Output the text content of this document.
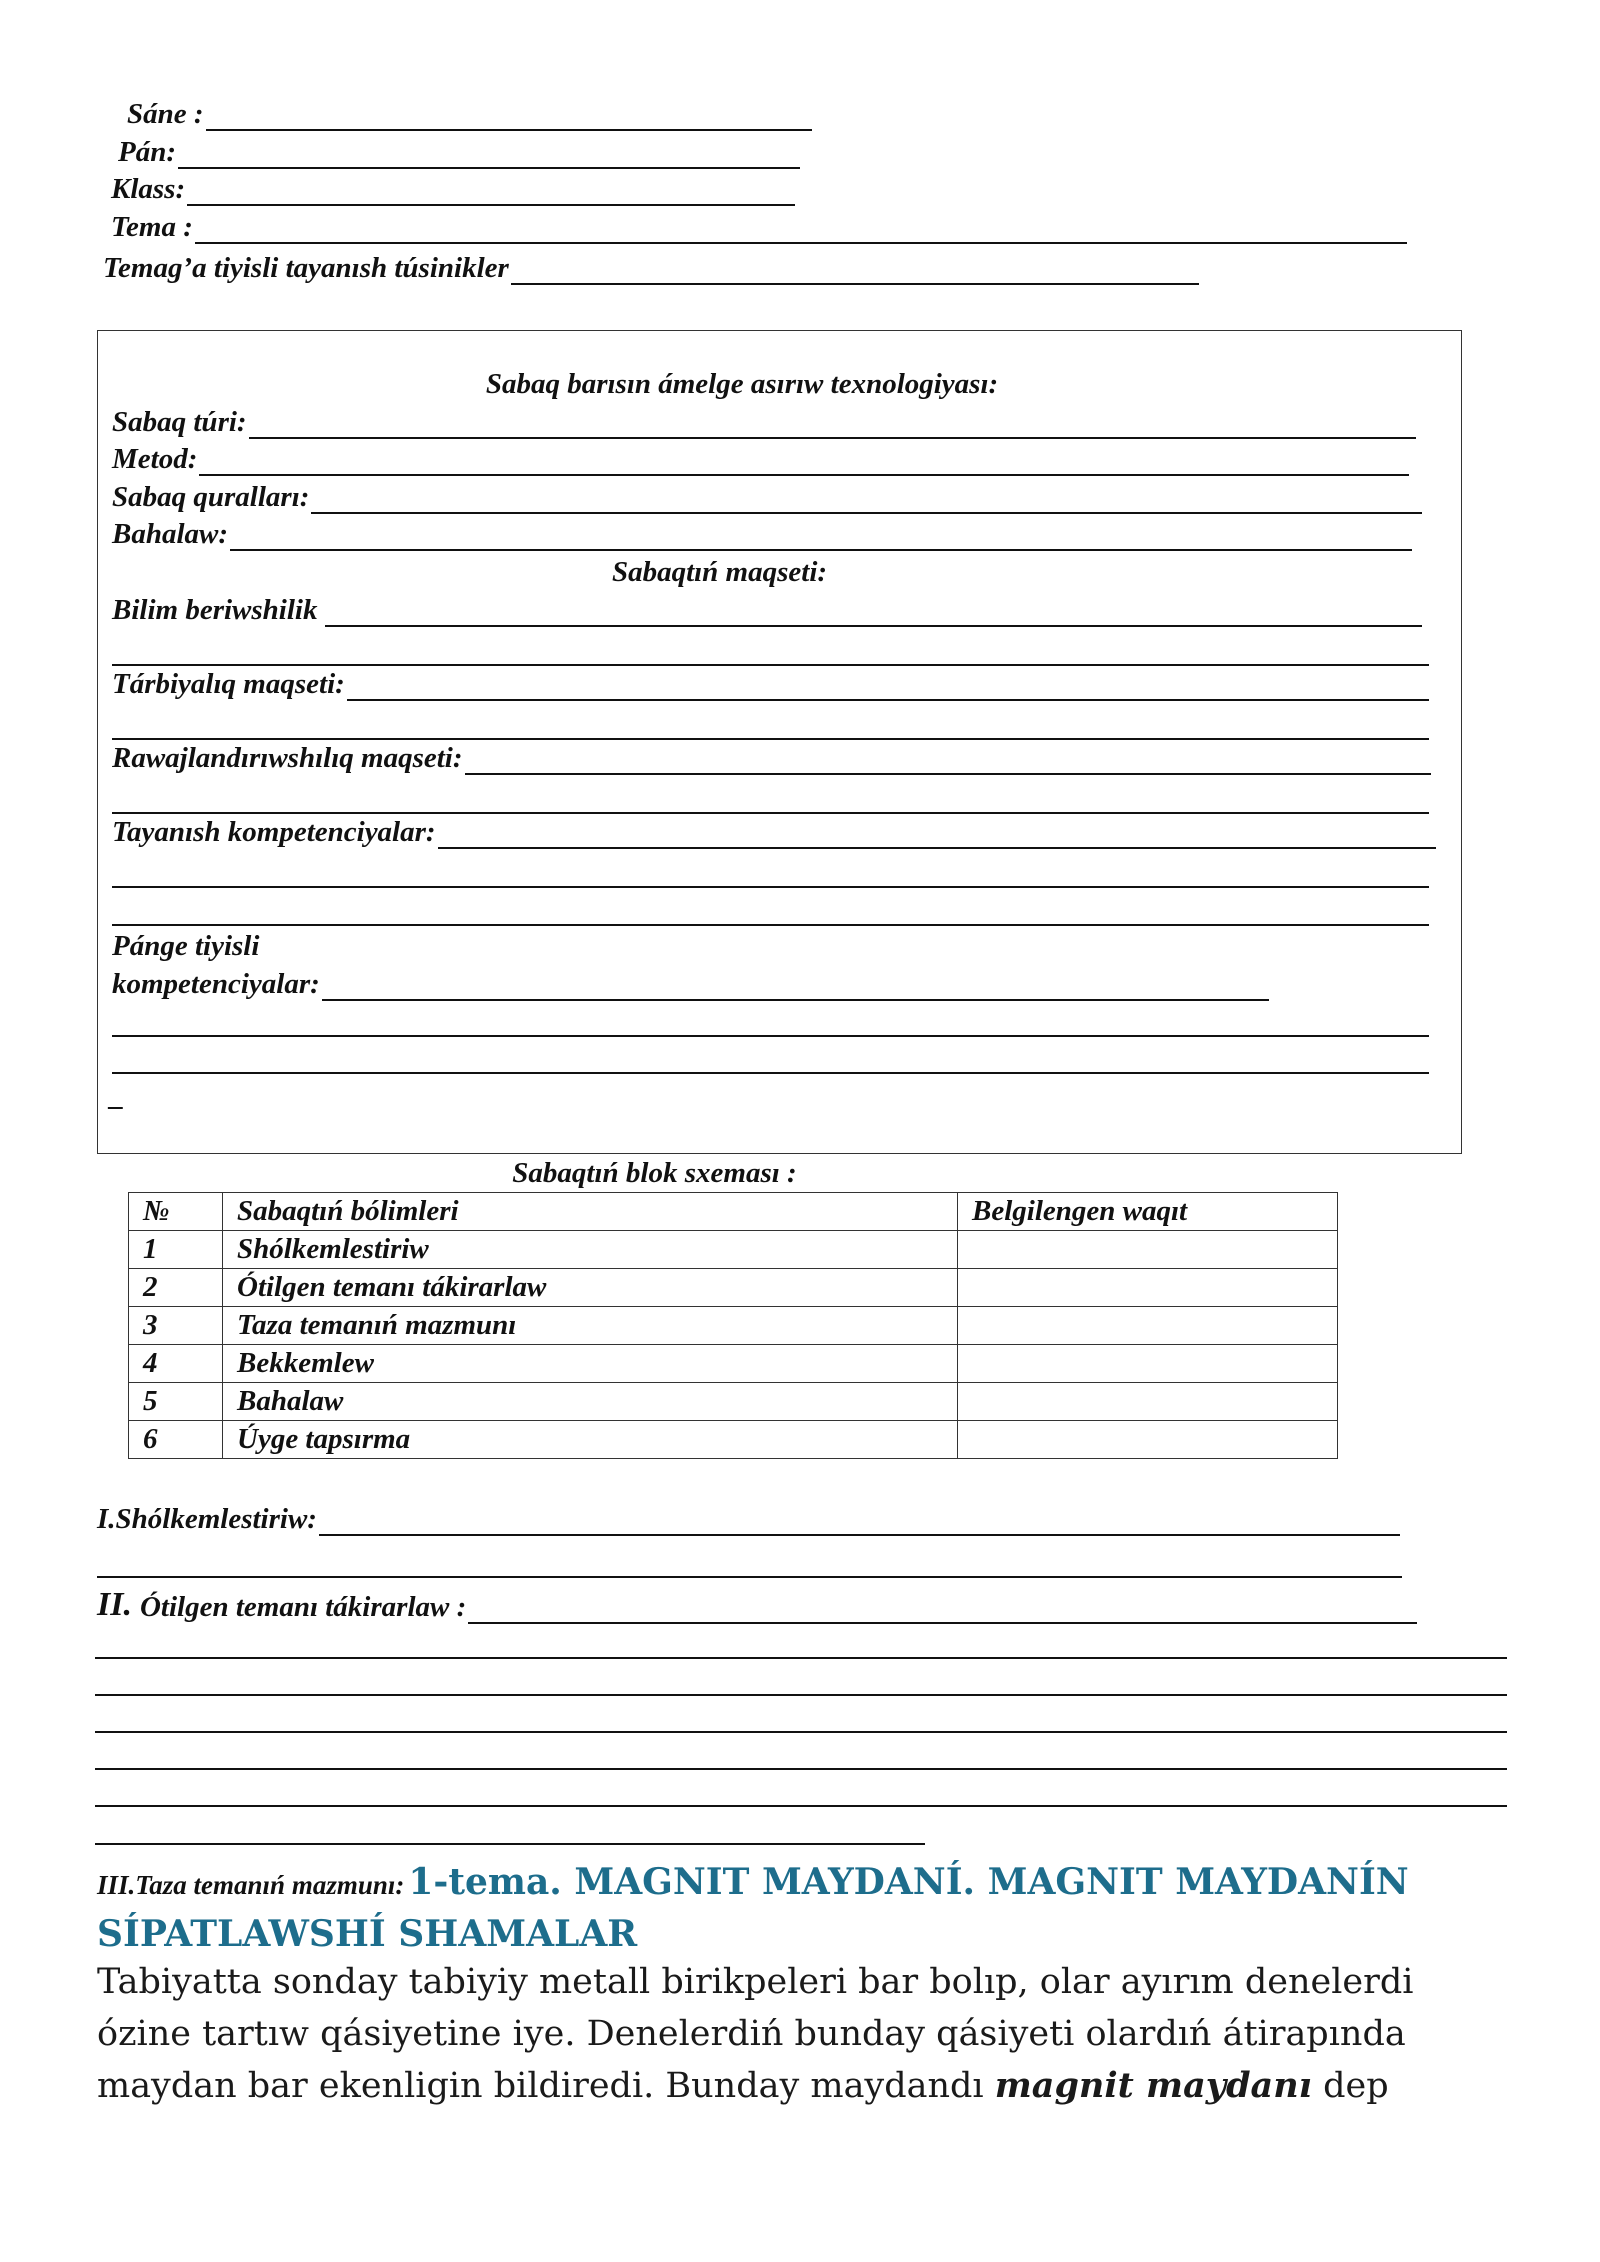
Sáne :
Pán:
Klass:
Tema :
Temag’a tiyisli tayanısh túsinikler
Sabaq barısın ámelge asırıw texnologiyası:
Sabaq túri:
Metod:
Sabaq quralları:
Bahalaw:
Sabaqtıń maqseti:
Bilim beriwshilik
Tárbiyalıq maqseti:
Rawajlandırıwshılıq maqseti:
Tayanısh kompetenciyalar:
Pánge tiyisli
kompetenciyalar:
_
Sabaqtıń blok sxeması :
№	Sabaqtıń bólimleri	Belgilengen waqıt
1	Shólkemlestiriw	
2	Ótilgen temanı tákirarlaw	
3	Taza temanıń mazmunı	
4	Bekkemlew	
5	Bahalaw	
6	Úyge tapsırma	
I.Shólkemlestiriw:
II. Ótilgen temanı tákirarlaw :
III.Taza temanıń mazmunı: 1-tema. MAGNIT MAYDANÍ. MAGNIT MAYDANÍN
SÍPATLAWSHÍ SHAMALAR
Tabiyatta sonday tabiyiy metall birikpeleri bar bolıp, olar ayırım denelerdi
ózine tartıw qásiyetine iye. Denelerdiń bunday qásiyeti olardıń átirapında
maydan bar ekenligin bildiredi. Bunday maydandı magnit maydanı dep
